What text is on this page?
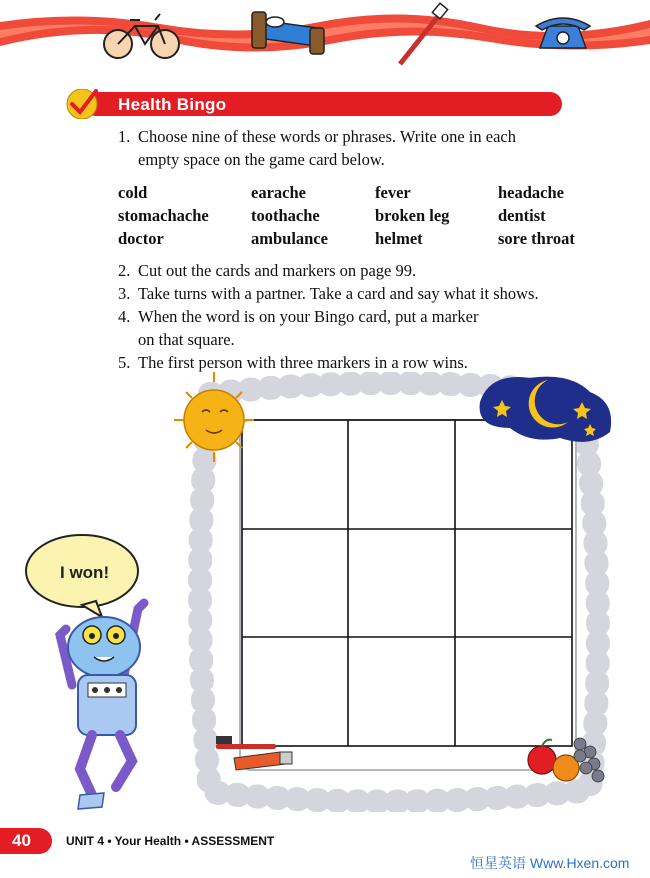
Health Bingo
1. Choose nine of these words or phrases. Write one in each
empty space on the game card below.
cold	earache	fever	headache
stomachache	toothache	broken leg	dentist
doctor	ambulance	helmet	sore throat
2. Cut out the cards and markers on page 99.
3. Take turns with a partner. Take a card and say what it shows.
4. When the word is on your Bingo card, put a marker
on that square.
5. The first person with three markers in a row wins.
I won!
40	UNIT 4 • Your Health • ASSESSMENT
恒星英语 Www.Hxen.com
